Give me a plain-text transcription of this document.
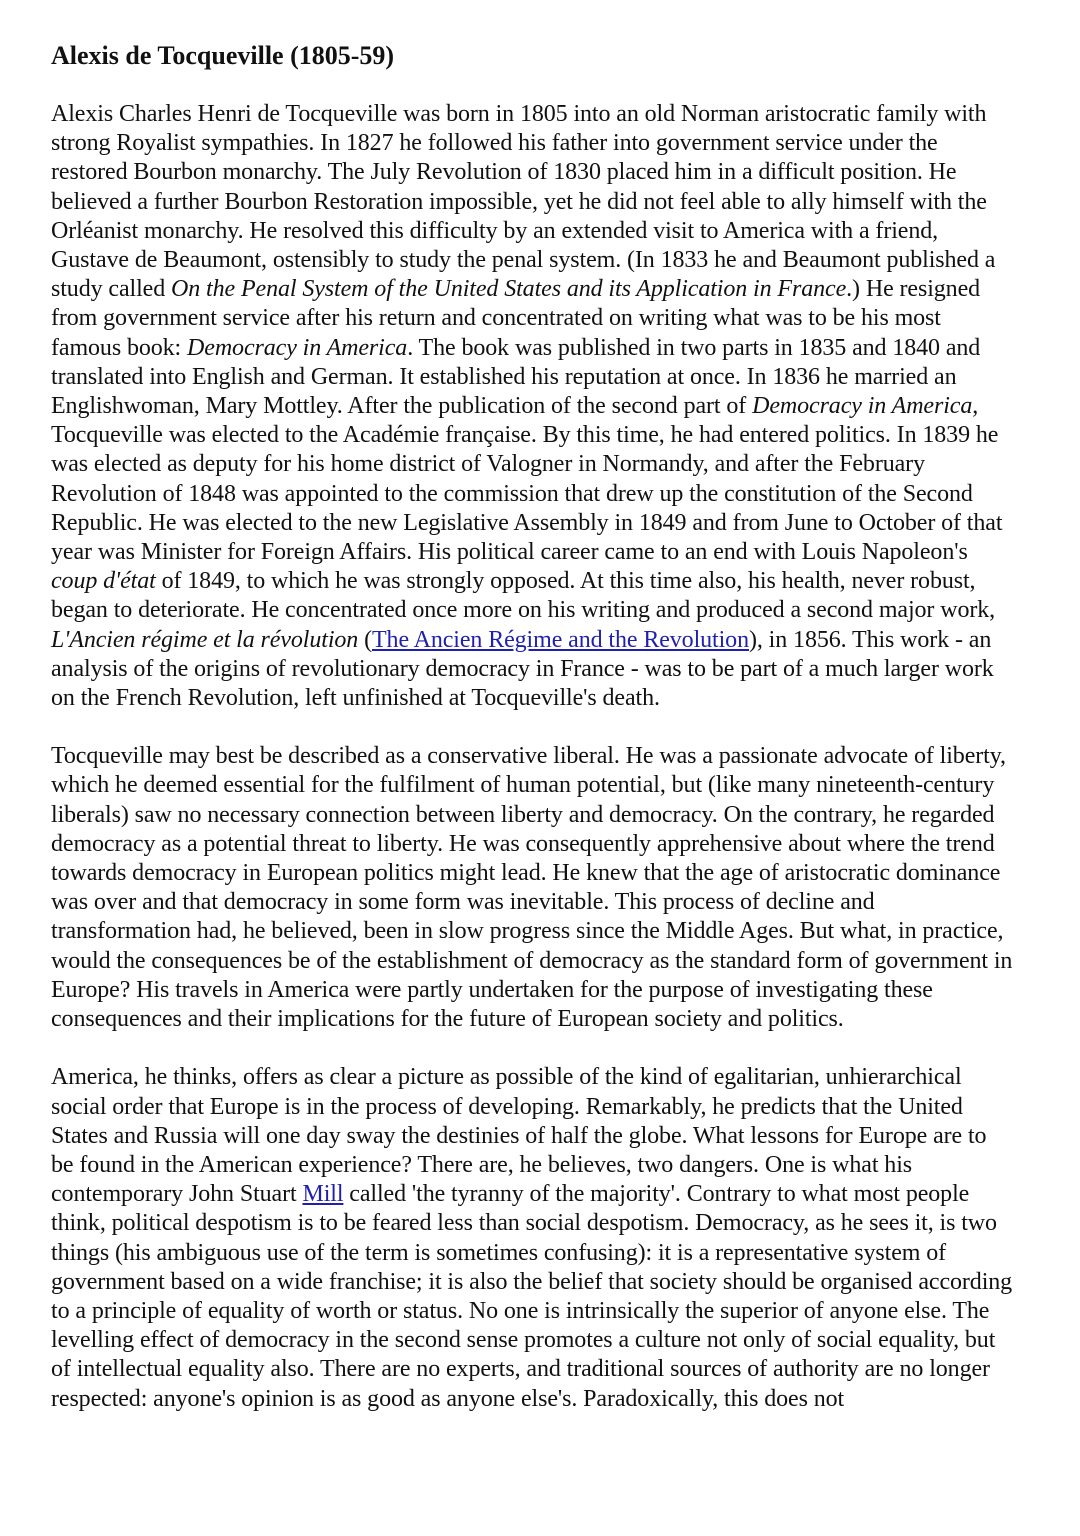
Alexis de Tocqueville (1805-59)

Alexis Charles Henri de Tocqueville was born in 1805 into an old Norman aristocratic family with strong Royalist sympathies. In 1827 he followed his father into government service under the restored Bourbon monarchy. The July Revolution of 1830 placed him in a difficult position. He believed a further Bourbon Restoration impossible, yet he did not feel able to ally himself with the Orléanist monarchy. He resolved this difficulty by an extended visit to America with a friend, Gustave de Beaumont, ostensibly to study the penal system. (In 1833 he and Beaumont published a study called On the Penal System of the United States and its Application in France.) He resigned from government service after his return and concentrated on writing what was to be his most famous book: Democracy in America. The book was published in two parts in 1835 and 1840 and translated into English and German. It established his reputation at once. In 1836 he married an Englishwoman, Mary Mottley. After the publication of the second part of Democracy in America, Tocqueville was elected to the Académie française. By this time, he had entered politics. In 1839 he was elected as deputy for his home district of Valogner in Normandy, and after the February Revolution of 1848 was appointed to the commission that drew up the constitution of the Second Republic. He was elected to the new Legislative Assembly in 1849 and from June to October of that year was Minister for Foreign Affairs. His political career came to an end with Louis Napoleon's coup d'état of 1849, to which he was strongly opposed. At this time also, his health, never robust, began to deteriorate. He concentrated once more on his writing and produced a second major work, L'Ancien régime et la révolution (The Ancien Régime and the Revolution), in 1856. This work - an analysis of the origins of revolutionary democracy in France - was to be part of a much larger work on the French Revolution, left unfinished at Tocqueville's death.

Tocqueville may best be described as a conservative liberal. He was a passionate advocate of liberty, which he deemed essential for the fulfilment of human potential, but (like many nineteenth-century liberals) saw no necessary connection between liberty and democracy. On the contrary, he regarded democracy as a potential threat to liberty. He was consequently apprehensive about where the trend towards democracy in European politics might lead. He knew that the age of aristocratic dominance was over and that democracy in some form was inevitable. This process of decline and transformation had, he believed, been in slow progress since the Middle Ages. But what, in practice, would the consequences be of the establishment of democracy as the standard form of government in Europe? His travels in America were partly undertaken for the purpose of investigating these consequences and their implications for the future of European society and politics.

America, he thinks, offers as clear a picture as possible of the kind of egalitarian, unhierarchical social order that Europe is in the process of developing. Remarkably, he predicts that the United States and Russia will one day sway the destinies of half the globe. What lessons for Europe are to be found in the American experience? There are, he believes, two dangers. One is what his contemporary John Stuart Mill called 'the tyranny of the majority'. Contrary to what most people think, political despotism is to be feared less than social despotism. Democracy, as he sees it, is two things (his ambiguous use of the term is sometimes confusing): it is a representative system of government based on a wide franchise; it is also the belief that society should be organised according to a principle of equality of worth or status. No one is intrinsically the superior of anyone else. The levelling effect of democracy in the second sense promotes a culture not only of social equality, but of intellectual equality also. There are no experts, and traditional sources of authority are no longer respected: anyone's opinion is as good as anyone else's. Paradoxically, this does not
